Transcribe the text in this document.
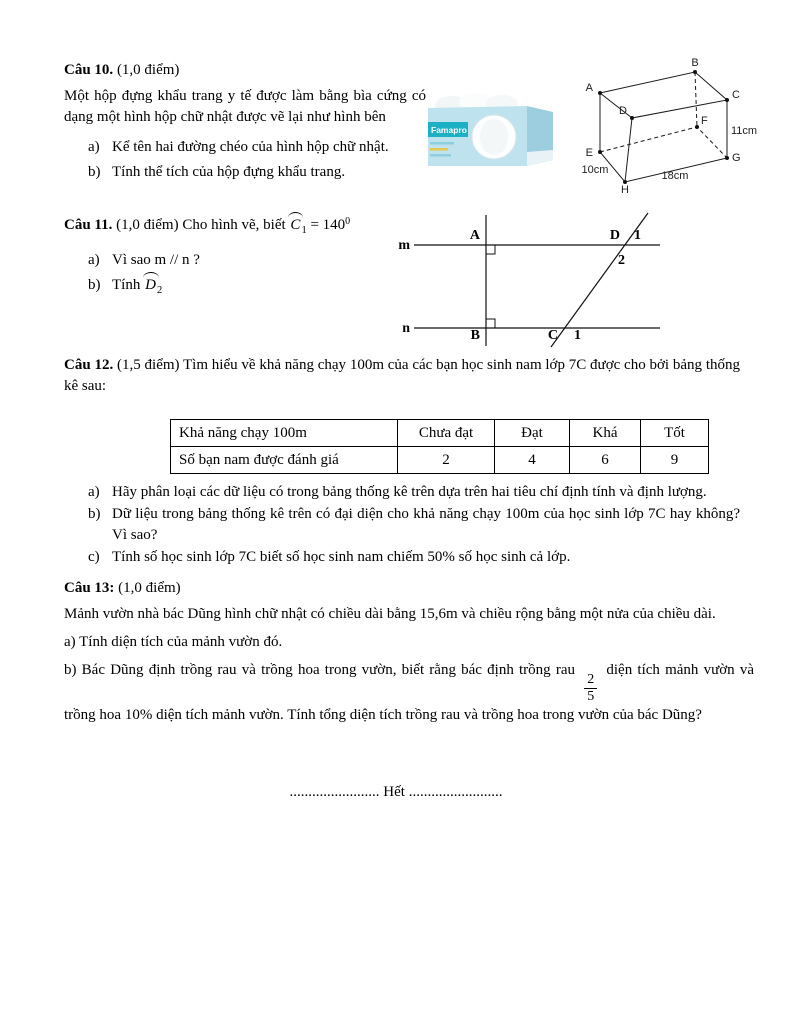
Câu 10. (1,0 điểm)

Một hộp đựng khẩu trang y tế được làm bằng bìa cứng có dạng một hình hộp chữ nhật được vẽ lại như hình bên

a) Kể tên hai đường chéo của hình hộp chữ nhật.
b) Tính thể tích của hộp đựng khẩu trang.
Famapro
A
B
C
D
E
F
G
H
11cm
10cm	18cm

Câu 11. (1,0 điểm) Cho hình vẽ, biết $C_1 = 140^0$

a) Vì sao m // n ?
b) Tính $D_2$
m
n
A
B
D 1
2
C 1

Câu 12. (1,5 điểm) Tìm hiểu về khả năng chạy 100m của các bạn học sinh nam lớp 7C được cho bởi bảng thống kê sau:

Khả năng chạy 100m	Chưa đạt	Đạt	Khá	Tốt
Số bạn nam được đánh giá	2	4	6	9
a) Hãy phân loại các dữ liệu có trong bảng thống kê trên dựa trên hai tiêu chí định tính và định lượng.
b) Dữ liệu trong bảng thống kê trên có đại diện cho khả năng chạy 100m của học sinh lớp 7C hay không? Vì sao?
c) Tính số học sinh lớp 7C biết số học sinh nam chiếm 50% số học sinh cả lớp.

Câu 13: (1,0 điểm)

Mảnh vườn nhà bác Dũng hình chữ nhật có chiều dài bằng 15,6m và chiều rộng bằng một nửa của chiều dài.

a) Tính diện tích của mảnh vườn đó.

b) Bác Dũng định trồng rau và trồng hoa trong vườn, biết rằng bác định trồng rau
$\frac{2}{5}$
diện tích mảnh vườn và trồng hoa 10% diện tích mảnh vườn. Tính tổng diện tích trồng rau và trồng hoa trong vườn của bác Dũng?

........................ Hết .........................
